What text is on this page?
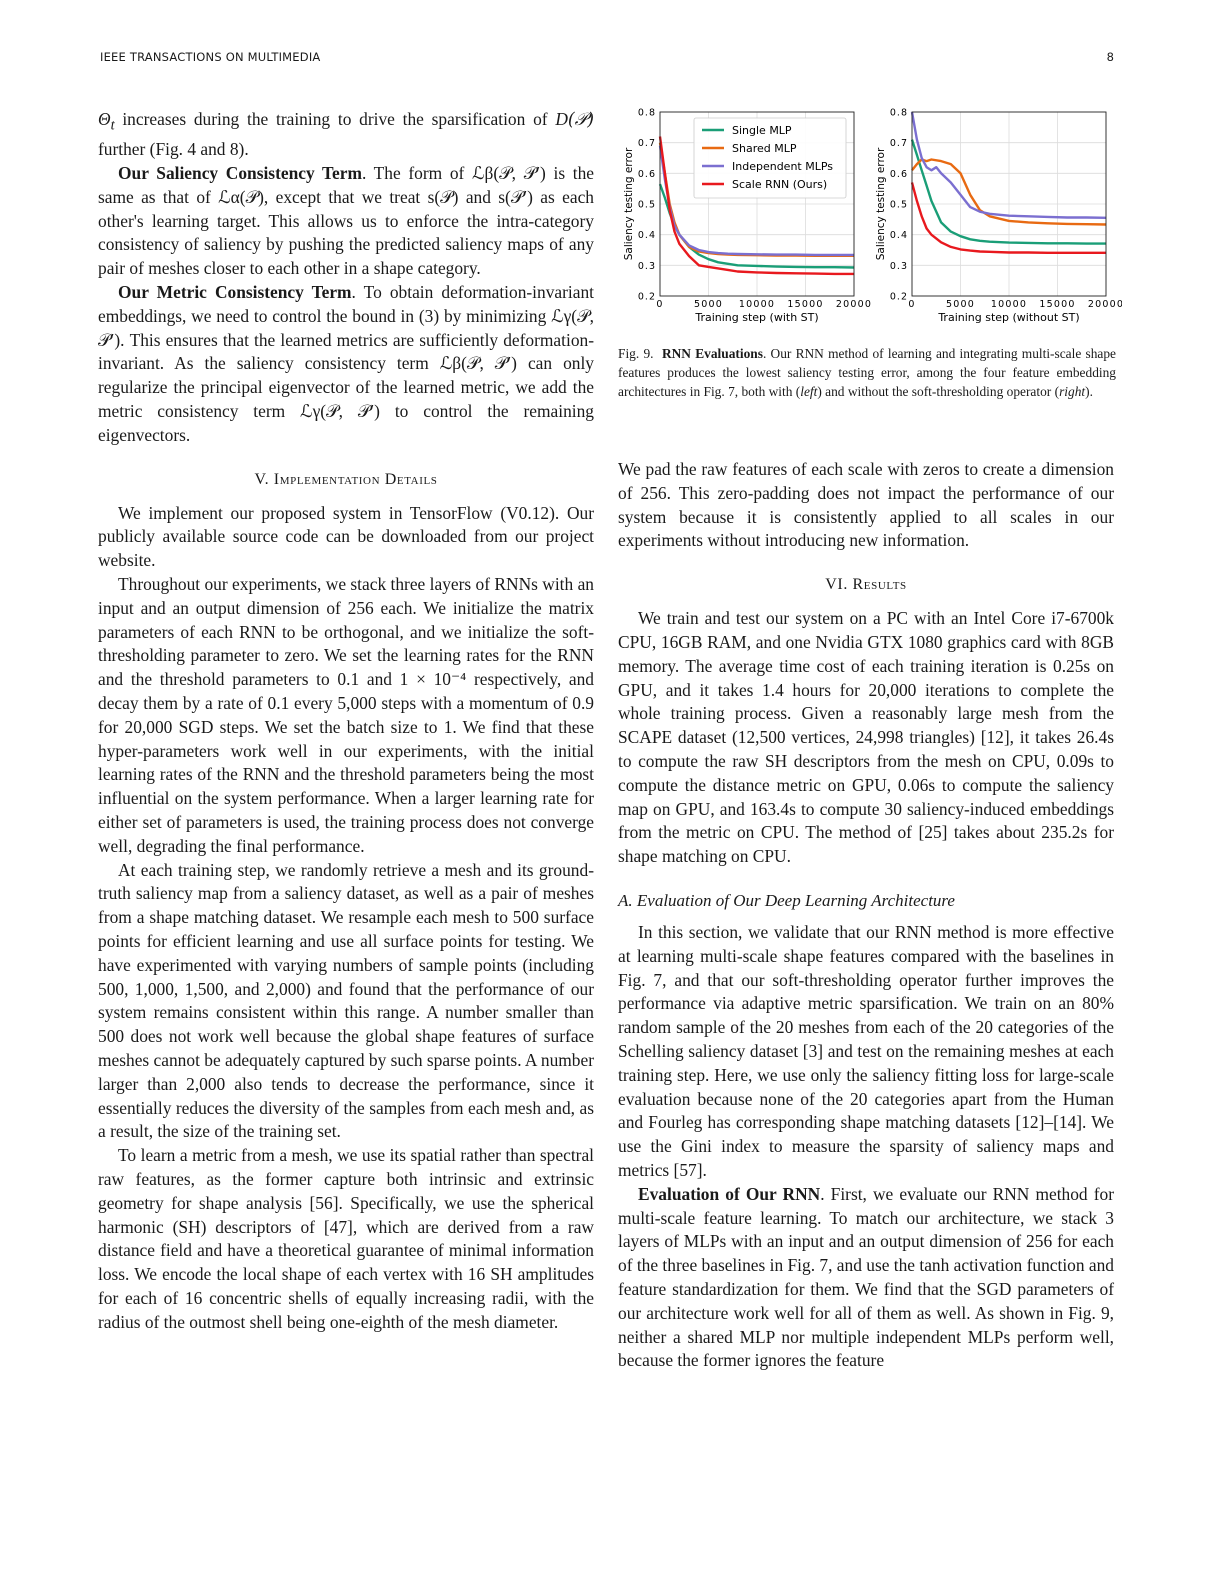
IEEE TRANSACTIONS ON MULTIMEDIA	8

$\Theta_t$ increases during the training to drive the sparsification of D(𝒫) further (Fig. 4 and 8).

Our Saliency Consistency Term. The form of ℒβ(𝒫, 𝒫′) is the same as that of ℒα(𝒫), except that we treat s(𝒫) and s(𝒫′) as each other's learning target. This allows us to enforce the intra-category consistency of saliency by pushing the predicted saliency maps of any pair of meshes closer to each other in a shape category.

Our Metric Consistency Term. To obtain deformation-invariant embeddings, we need to control the bound in (3) by minimizing ℒγ(𝒫, 𝒫′). This ensures that the learned metrics are sufficiently deformation-invariant. As the saliency consistency term ℒβ(𝒫, 𝒫′) can only regularize the principal eigenvector of the learned metric, we add the metric consistency term ℒγ(𝒫, 𝒫′) to control the remaining eigenvectors.

V. Implementation Details

We implement our proposed system in TensorFlow (V0.12). Our publicly available source code can be downloaded from our project website.

Throughout our experiments, we stack three layers of RNNs with an input and an output dimension of 256 each. We initialize the matrix parameters of each RNN to be orthogonal, and we initialize the soft-thresholding parameter to zero. We set the learning rates for the RNN and the threshold parameters to 0.1 and 1 × 10⁻⁴ respectively, and decay them by a rate of 0.1 every 5,000 steps with a momentum of 0.9 for 20,000 SGD steps. We set the batch size to 1. We find that these hyper-parameters work well in our experiments, with the initial learning rates of the RNN and the threshold parameters being the most influential on the system performance. When a larger learning rate for either set of parameters is used, the training process does not converge well, degrading the final performance.

At each training step, we randomly retrieve a mesh and its ground-truth saliency map from a saliency dataset, as well as a pair of meshes from a shape matching dataset. We resample each mesh to 500 surface points for efficient learning and use all surface points for testing. We have experimented with varying numbers of sample points (including 500, 1,000, 1,500, and 2,000) and found that the performance of our system remains consistent within this range. A number smaller than 500 does not work well because the global shape features of surface meshes cannot be adequately captured by such sparse points. A number larger than 2,000 also tends to decrease the performance, since it essentially reduces the diversity of the samples from each mesh and, as a result, the size of the training set.

To learn a metric from a mesh, we use its spatial rather than spectral raw features, as the former capture both intrinsic and extrinsic geometry for shape analysis [56]. Specifically, we use the spherical harmonic (SH) descriptors of [47], which are derived from a raw distance field and have a theoretical guarantee of minimal information loss. We encode the local shape of each vertex with 16 SH amplitudes for each of 16 concentric shells of equally increasing radii, with the radius of the outmost shell being one-eighth of the mesh diameter.

0	5000 10000 15000 20000
0.2
0.3
0.4
0.5
0.6
0.7
0.8
Training step (with ST)
Saliency testing error
Single MLP
Shared MLP
Independent MLPs
Scale RNN (Ours)
0	5000 10000 15000 20000
0.2
0.3
0.4
0.5
0.6
0.7
0.8
Training step (without ST)
Saliency testing error
Fig. 9. RNN Evaluations. Our RNN method of learning and integrating multi-scale shape features produces the lowest saliency testing error, among the four feature embedding architectures in Fig. 7, both with (left) and without the soft-thresholding operator (right).

We pad the raw features of each scale with zeros to create a dimension of 256. This zero-padding does not impact the performance of our system because it is consistently applied to all scales in our experiments without introducing new information.

VI. Results

We train and test our system on a PC with an Intel Core i7-6700k CPU, 16GB RAM, and one Nvidia GTX 1080 graphics card with 8GB memory. The average time cost of each training iteration is 0.25s on GPU, and it takes 1.4 hours for 20,000 iterations to complete the whole training process. Given a reasonably large mesh from the SCAPE dataset (12,500 vertices, 24,998 triangles) [12], it takes 26.4s to compute the raw SH descriptors from the mesh on CPU, 0.09s to compute the distance metric on GPU, 0.06s to compute the saliency map on GPU, and 163.4s to compute 30 saliency-induced embeddings from the metric on CPU. The method of [25] takes about 235.2s for shape matching on CPU.

A. Evaluation of Our Deep Learning Architecture

In this section, we validate that our RNN method is more effective at learning multi-scale shape features compared with the baselines in Fig. 7, and that our soft-thresholding operator further improves the performance via adaptive metric sparsification. We train on an 80% random sample of the 20 meshes from each of the 20 categories of the Schelling saliency dataset [3] and test on the remaining meshes at each training step. Here, we use only the saliency fitting loss for large-scale evaluation because none of the 20 categories apart from the Human and Fourleg has corresponding shape matching datasets [12]–[14]. We use the Gini index to measure the sparsity of saliency maps and metrics [57].

Evaluation of Our RNN. First, we evaluate our RNN method for multi-scale feature learning. To match our architecture, we stack 3 layers of MLPs with an input and an output dimension of 256 for each of the three baselines in Fig. 7, and use the tanh activation function and feature standardization for them. We find that the SGD parameters of our architecture work well for all of them as well. As shown in Fig. 9, neither a shared MLP nor multiple independent MLPs perform well, because the former ignores the feature
